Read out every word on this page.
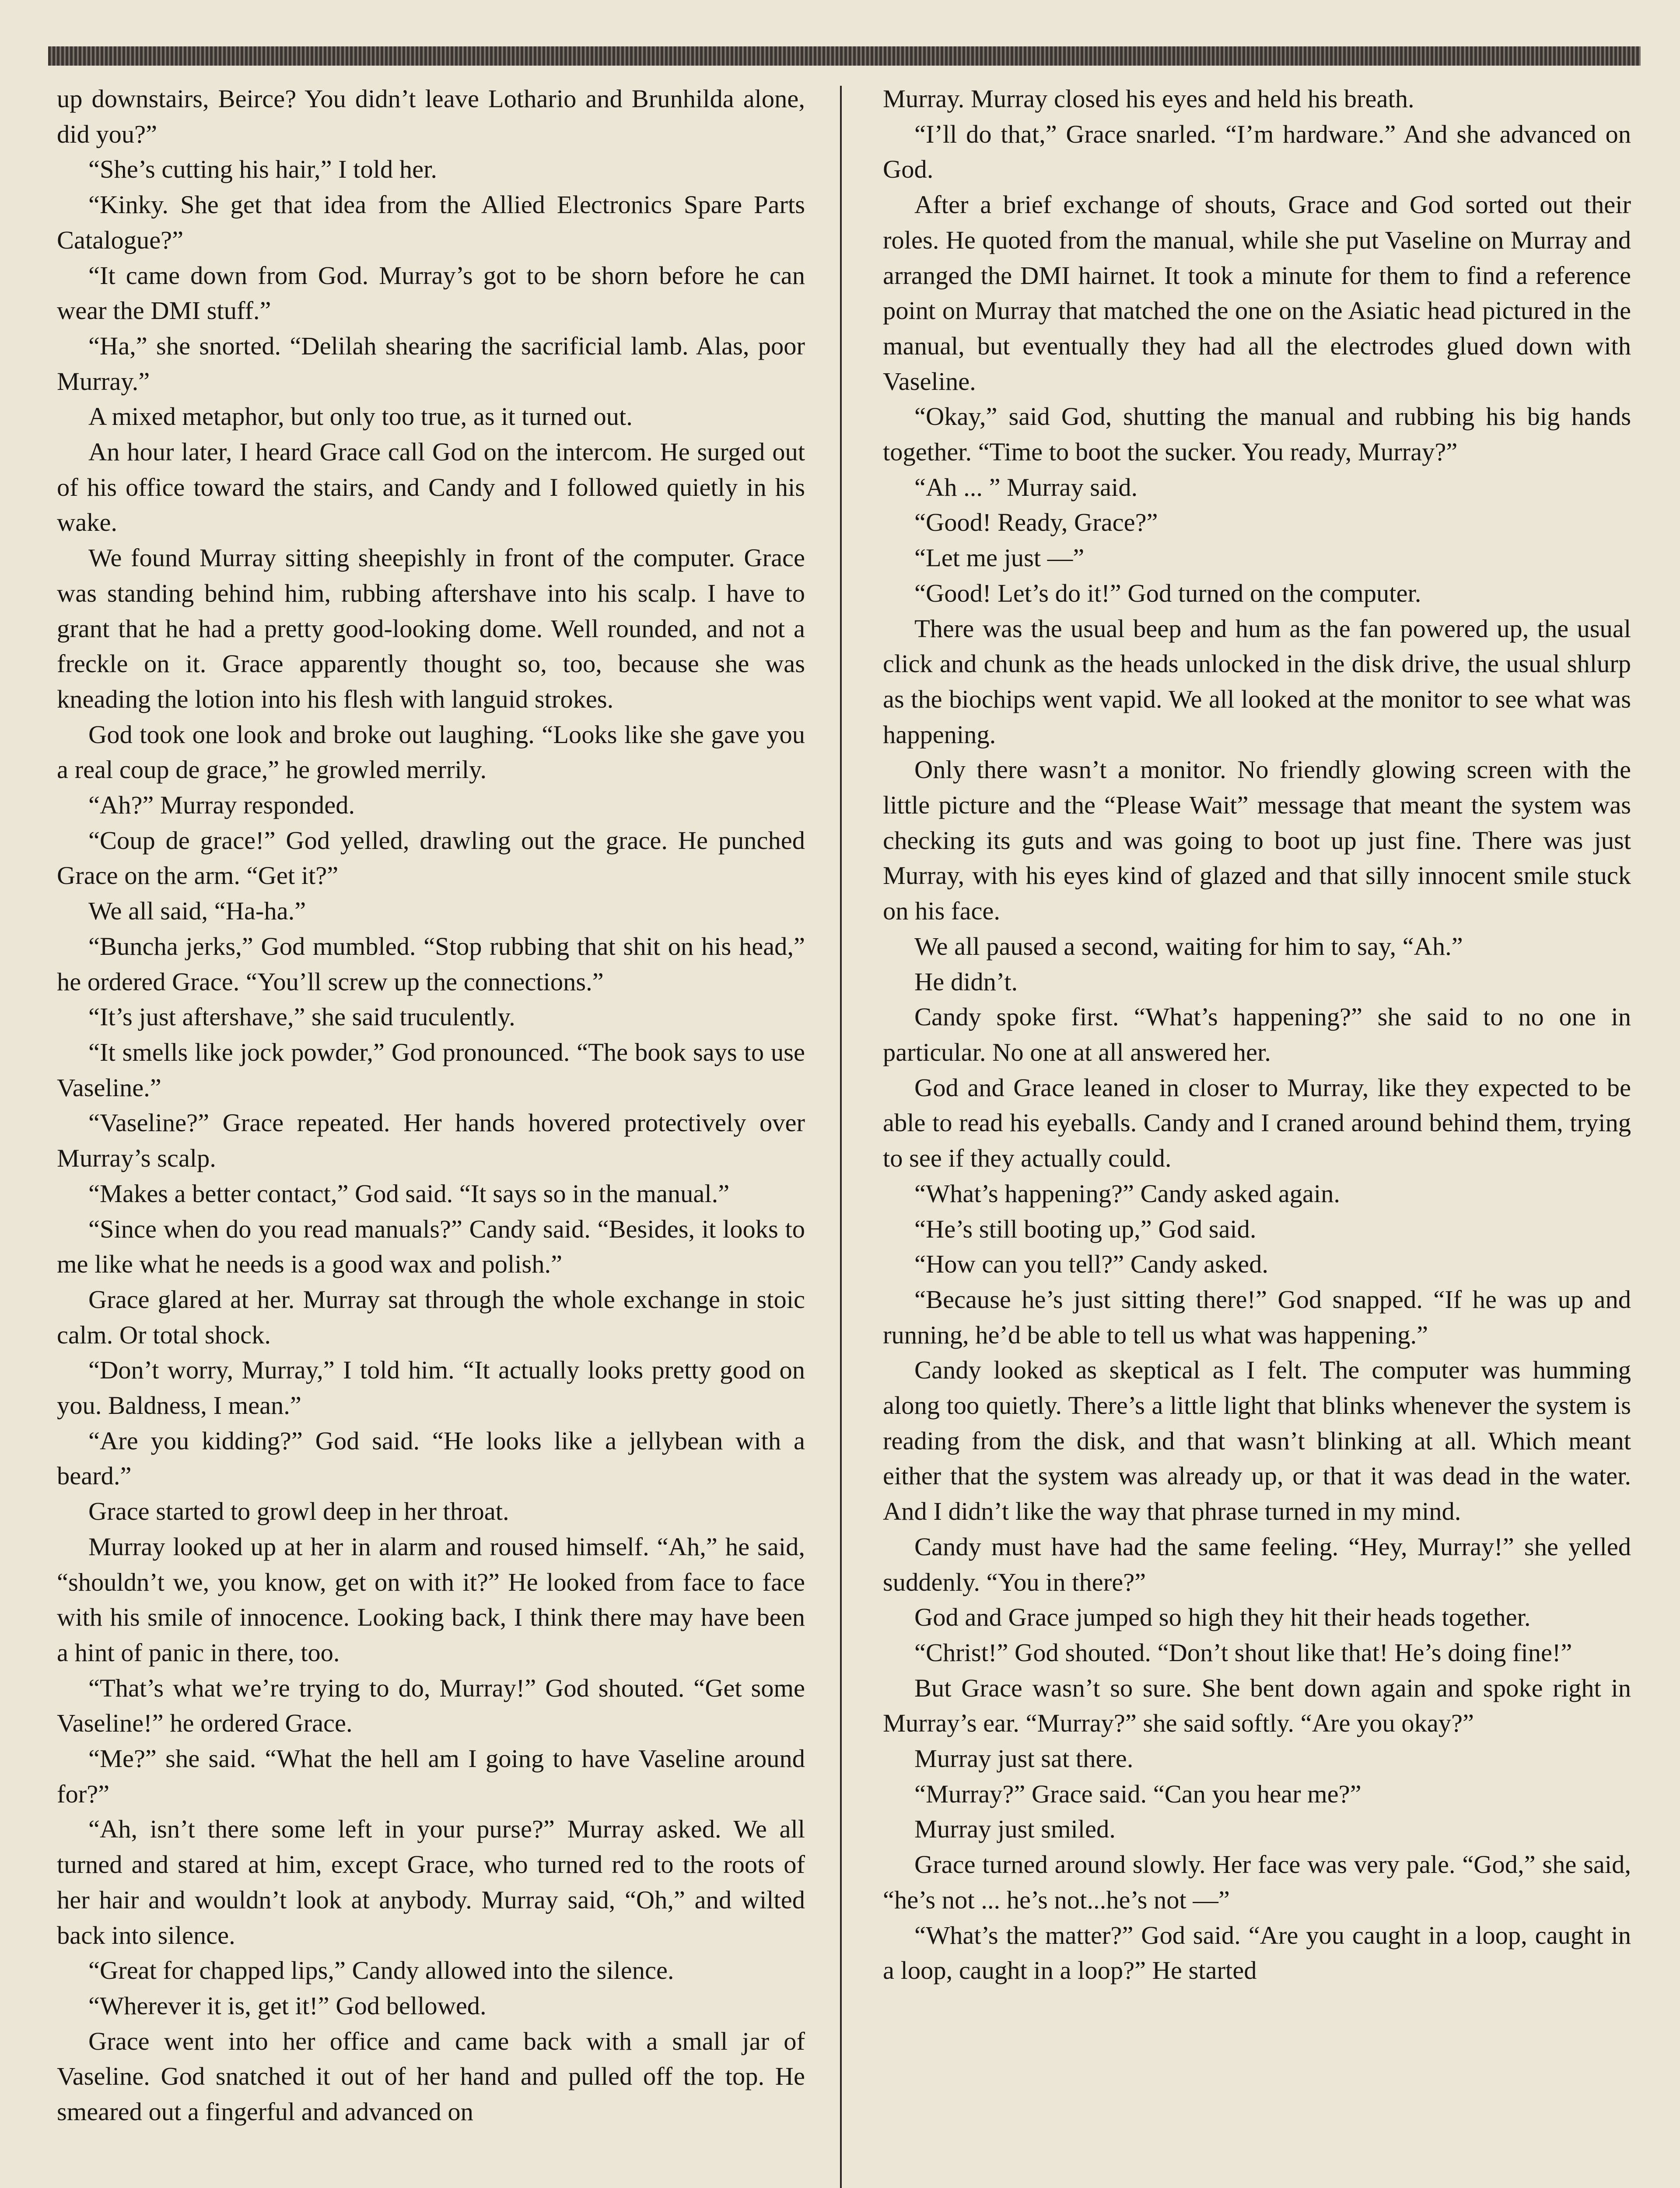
up downstairs, Beirce? You didn’t leave Lothario and Brunhilda alone, did you?”

“She’s cutting his hair,” I told her.

“Kinky. She get that idea from the Allied Electronics Spare Parts Catalogue?”

“It came down from God. Murray’s got to be shorn before he can wear the DMI stuff.”

“Ha,” she snorted. “Delilah shearing the sacrificial lamb. Alas, poor Murray.”

A mixed metaphor, but only too true, as it turned out.

An hour later, I heard Grace call God on the intercom. He surged out of his office toward the stairs, and Candy and I followed quietly in his wake.

We found Murray sitting sheepishly in front of the computer. Grace was standing behind him, rubbing aftershave into his scalp. I have to grant that he had a pretty good-looking dome. Well rounded, and not a freckle on it. Grace apparently thought so, too, because she was kneading the lotion into his flesh with languid strokes.

God took one look and broke out laughing. “Looks like she gave you a real coup de grace,” he growled merrily.

“Ah?” Murray responded.

“Coup de grace!” God yelled, drawling out the grace. He punched Grace on the arm. “Get it?”

We all said, “Ha-ha.”

“Buncha jerks,” God mumbled. “Stop rubbing that shit on his head,” he ordered Grace. “You’ll screw up the connections.”

“It’s just aftershave,” she said truculently.

“It smells like jock powder,” God pronounced. “The book says to use Vaseline.”

“Vaseline?” Grace repeated. Her hands hovered protectively over Murray’s scalp.

“Makes a better contact,” God said. “It says so in the manual.”

“Since when do you read manuals?” Candy said. “Besides, it looks to me like what he needs is a good wax and polish.”

Grace glared at her. Murray sat through the whole exchange in stoic calm. Or total shock.

“Don’t worry, Murray,” I told him. “It actually looks pretty good on you. Baldness, I mean.”

“Are you kidding?” God said. “He looks like a jellybean with a beard.”

Grace started to growl deep in her throat.

Murray looked up at her in alarm and roused himself. “Ah,” he said, “shouldn’t we, you know, get on with it?” He looked from face to face with his smile of innocence. Looking back, I think there may have been a hint of panic in there, too.

“That’s what we’re trying to do, Murray!” God shouted. “Get some Vaseline!” he ordered Grace.

“Me?” she said. “What the hell am I going to have Vaseline around for?”

“Ah, isn’t there some left in your purse?” Murray asked. We all turned and stared at him, except Grace, who turned red to the roots of her hair and wouldn’t look at anybody. Murray said, “Oh,” and wilted back into silence.

“Great for chapped lips,” Candy allowed into the silence.

“Wherever it is, get it!” God bellowed.

Grace went into her office and came back with a small jar of Vaseline. God snatched it out of her hand and pulled off the top. He smeared out a fingerful and advanced on

Murray. Murray closed his eyes and held his breath.

“I’ll do that,” Grace snarled. “I’m hardware.” And she advanced on God.

After a brief exchange of shouts, Grace and God sorted out their roles. He quoted from the manual, while she put Vaseline on Murray and arranged the DMI hairnet. It took a minute for them to find a reference point on Murray that matched the one on the Asiatic head pictured in the manual, but eventually they had all the electrodes glued down with Vaseline.

“Okay,” said God, shutting the manual and rubbing his big hands together. “Time to boot the sucker. You ready, Murray?”

“Ah ... ” Murray said.

“Good! Ready, Grace?”

“Let me just —”

“Good! Let’s do it!” God turned on the computer.

There was the usual beep and hum as the fan powered up, the usual click and chunk as the heads unlocked in the disk drive, the usual shlurp as the biochips went vapid. We all looked at the monitor to see what was happening.

Only there wasn’t a monitor. No friendly glowing screen with the little picture and the “Please Wait” message that meant the system was checking its guts and was going to boot up just fine. There was just Murray, with his eyes kind of glazed and that silly innocent smile stuck on his face.

We all paused a second, waiting for him to say, “Ah.”

He didn’t.

Candy spoke first. “What’s happening?” she said to no one in particular. No one at all answered her.

God and Grace leaned in closer to Murray, like they expected to be able to read his eyeballs. Candy and I craned around behind them, trying to see if they actually could.

“What’s happening?” Candy asked again.

“He’s still booting up,” God said.

“How can you tell?” Candy asked.

“Because he’s just sitting there!” God snapped. “If he was up and running, he’d be able to tell us what was happening.”

Candy looked as skeptical as I felt. The computer was humming along too quietly. There’s a little light that blinks whenever the system is reading from the disk, and that wasn’t blinking at all. Which meant either that the system was already up, or that it was dead in the water. And I didn’t like the way that phrase turned in my mind.

Candy must have had the same feeling. “Hey, Murray!” she yelled suddenly. “You in there?”

God and Grace jumped so high they hit their heads together.

“Christ!” God shouted. “Don’t shout like that! He’s doing fine!”

But Grace wasn’t so sure. She bent down again and spoke right in Murray’s ear. “Murray?” she said softly. “Are you okay?”

Murray just sat there.

“Murray?” Grace said. “Can you hear me?”

Murray just smiled.

Grace turned around slowly. Her face was very pale. “God,” she said, “he’s not ... he’s not...he’s not —”

“What’s the matter?” God said. “Are you caught in a loop, caught in a loop, caught in a loop?” He started
